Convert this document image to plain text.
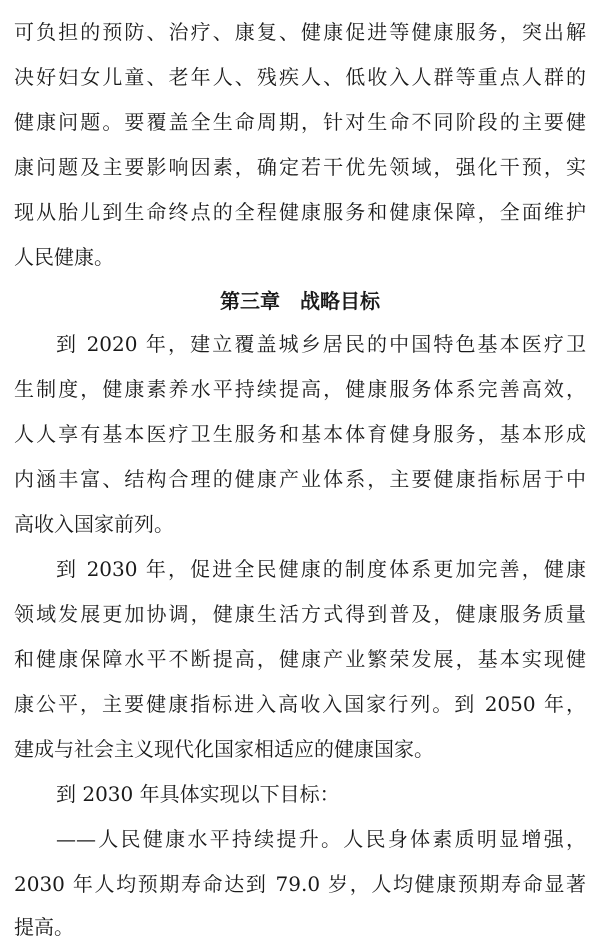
可负担的预防、治疗、康复、健康促进等健康服务，突出解
决好妇女儿童、老年人、残疾人、低收入人群等重点人群的
健康问题。要覆盖全生命周期，针对生命不同阶段的主要健
康问题及主要影响因素，确定若干优先领域，强化干预，实
现从胎儿到生命终点的全程健康服务和健康保障，全面维护
人民健康。
第三章　战略目标
到 2020 年，建立覆盖城乡居民的中国特色基本医疗卫
生制度，健康素养水平持续提高，健康服务体系完善高效，
人人享有基本医疗卫生服务和基本体育健身服务，基本形成
内涵丰富、结构合理的健康产业体系，主要健康指标居于中
高收入国家前列。
到 2030 年，促进全民健康的制度体系更加完善，健康
领域发展更加协调，健康生活方式得到普及，健康服务质量
和健康保障水平不断提高，健康产业繁荣发展，基本实现健
康公平，主要健康指标进入高收入国家行列。到 2050 年，
建成与社会主义现代化国家相适应的健康国家。
到 2030 年具体实现以下目标：
——人民健康水平持续提升。人民身体素质明显增强，
2030 年人均预期寿命达到 79.0 岁，人均健康预期寿命显著
提高。
